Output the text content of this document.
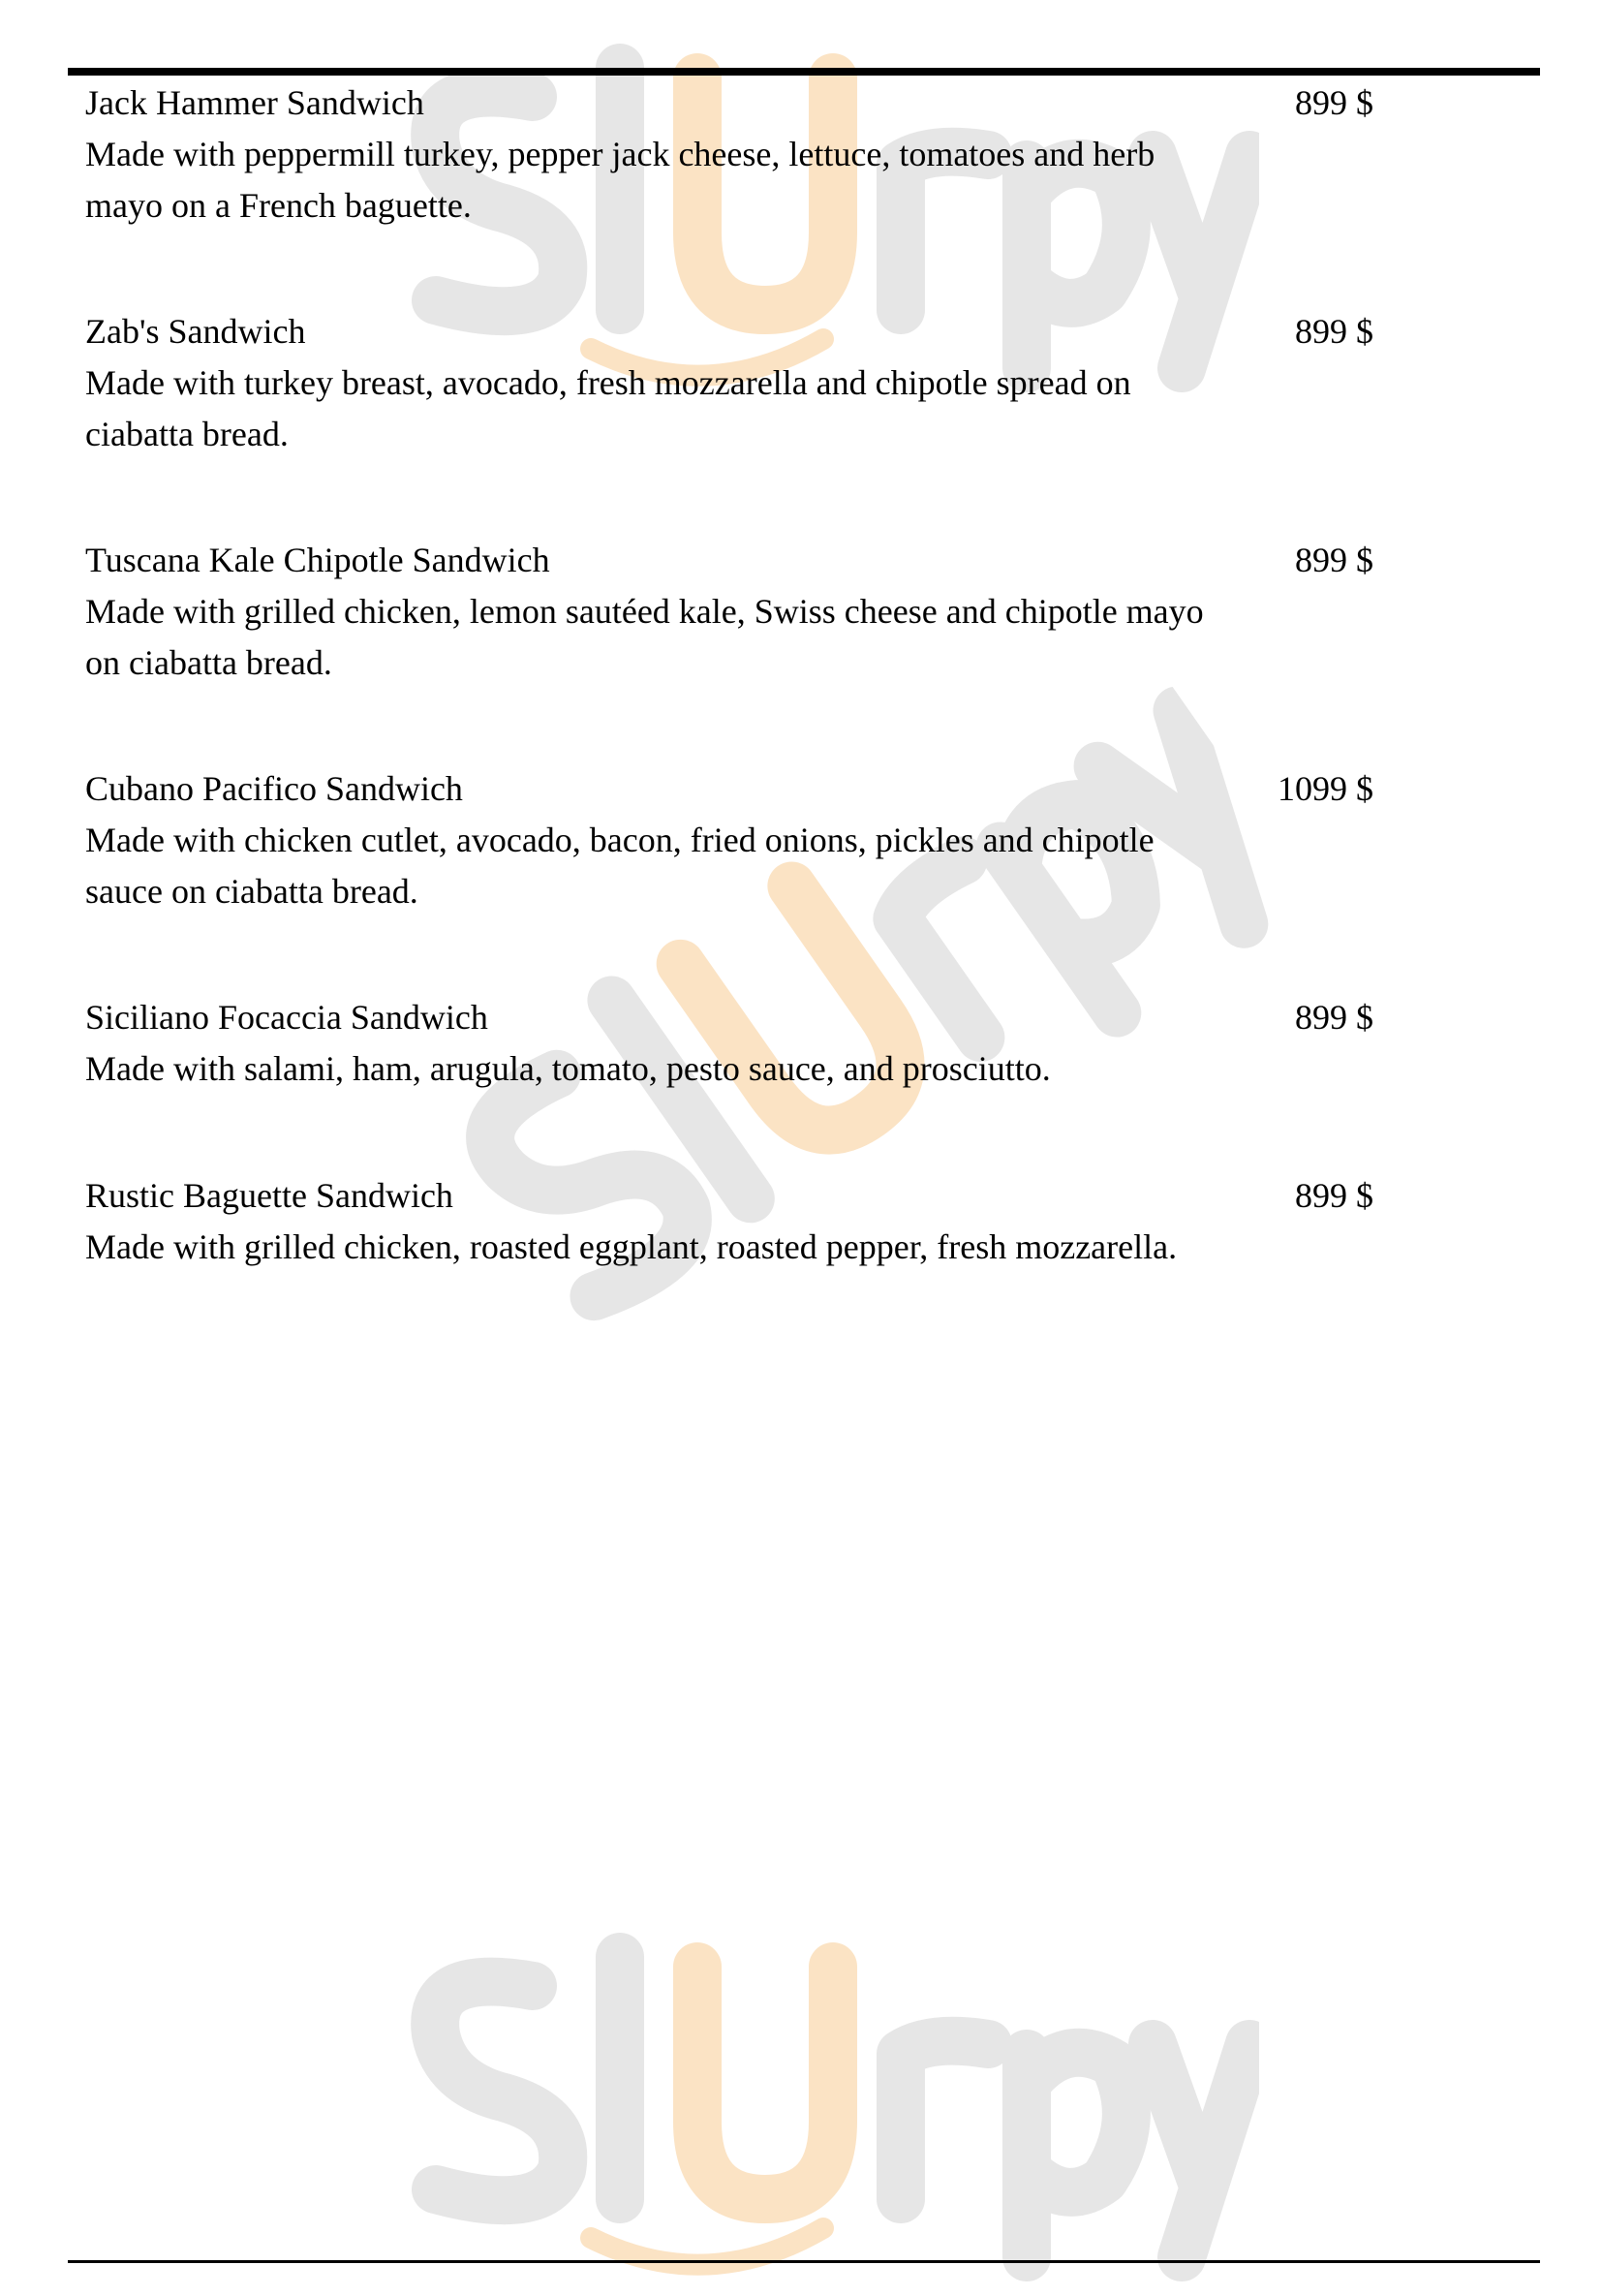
Jack Hammer Sandwich
Made with peppermill turkey, pepper jack cheese, lettuce, tomatoes and herb mayo on a French baguette.
899 $
Zab's Sandwich
Made with turkey breast, avocado, fresh mozzarella and chipotle spread on ciabatta bread.
899 $
Tuscana Kale Chipotle Sandwich
Made with grilled chicken, lemon sautéed kale, Swiss cheese and chipotle mayo on ciabatta bread.
899 $
Cubano Pacifico Sandwich
Made with chicken cutlet, avocado, bacon, fried onions, pickles and chipotle sauce on ciabatta bread.
1099 $
Siciliano Focaccia Sandwich
Made with salami, ham, arugula, tomato, pesto sauce, and prosciutto.
899 $
Rustic Baguette Sandwich
Made with grilled chicken, roasted eggplant, roasted pepper, fresh mozzarella.
899 $
